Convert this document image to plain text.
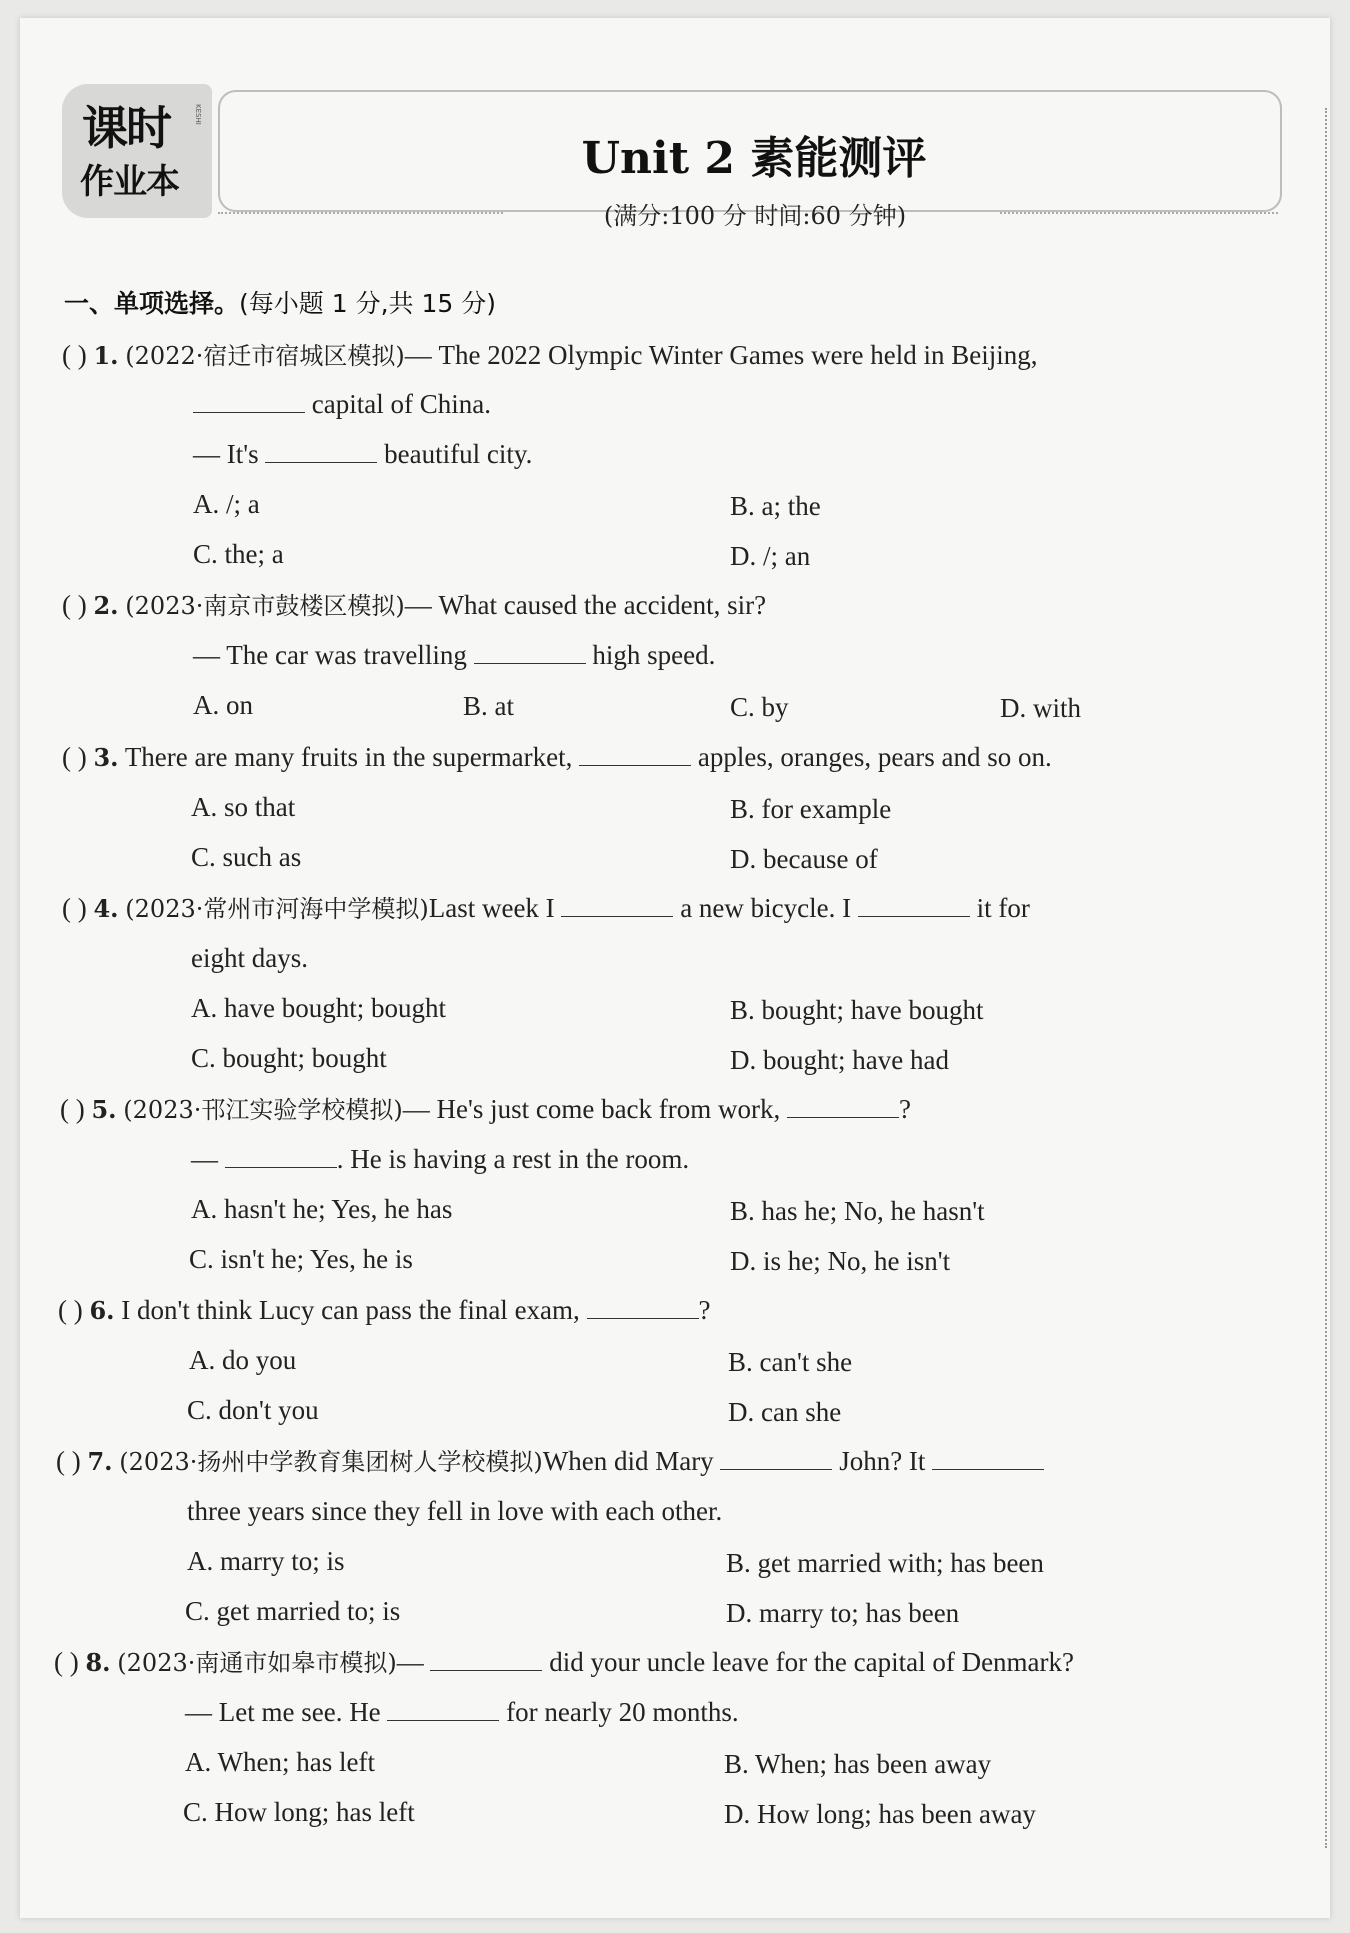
课时
作业本
KESHI
Unit 2 素能测评
(满分:100 分 时间:60 分钟)
一、单项选择。(每小题 1 分,共 15 分)
( ) 1. (2022·宿迁市宿城区模拟)— The 2022 Olympic Winter Games were held in Beijing,
capital of China.
— It's	beautiful city.
A. /; a	B. a; the
C. the; a	D. /; an
( ) 2. (2023·南京市鼓楼区模拟)— What caused the accident, sir?
— The car was travelling	high speed.
A. on	B. at	C. by	D. with
( ) 3. There are many fruits in the supermarket,	apples, oranges, pears and so on.
A. so that	B. for example
C. such as	D. because of
( ) 4. (2023·常州市河海中学模拟)Last week I	a new bicycle. I	it for
eight days.
A. have bought; bought	B. bought; have bought
C. bought; bought	D. bought; have had
( ) 5. (2023·邗江实验学校模拟)— He's just come back from work,	?
—	. He is having a rest in the room.
A. hasn't he; Yes, he has	B. has he; No, he hasn't
C. isn't he; Yes, he is	D. is he; No, he isn't
( ) 6. I don't think Lucy can pass the final exam,	?
A. do you	B. can't she
C. don't you	D. can she
( ) 7. (2023·扬州中学教育集团树人学校模拟)When did Mary	John? It
three years since they fell in love with each other.
A. marry to; is	B. get married with; has been
C. get married to; is	D. marry to; has been
( ) 8. (2023·南通市如皋市模拟)—	did your uncle leave for the capital of Denmark?
— Let me see. He	for nearly 20 months.
A. When; has left	B. When; has been away
C. How long; has left	D. How long; has been away
